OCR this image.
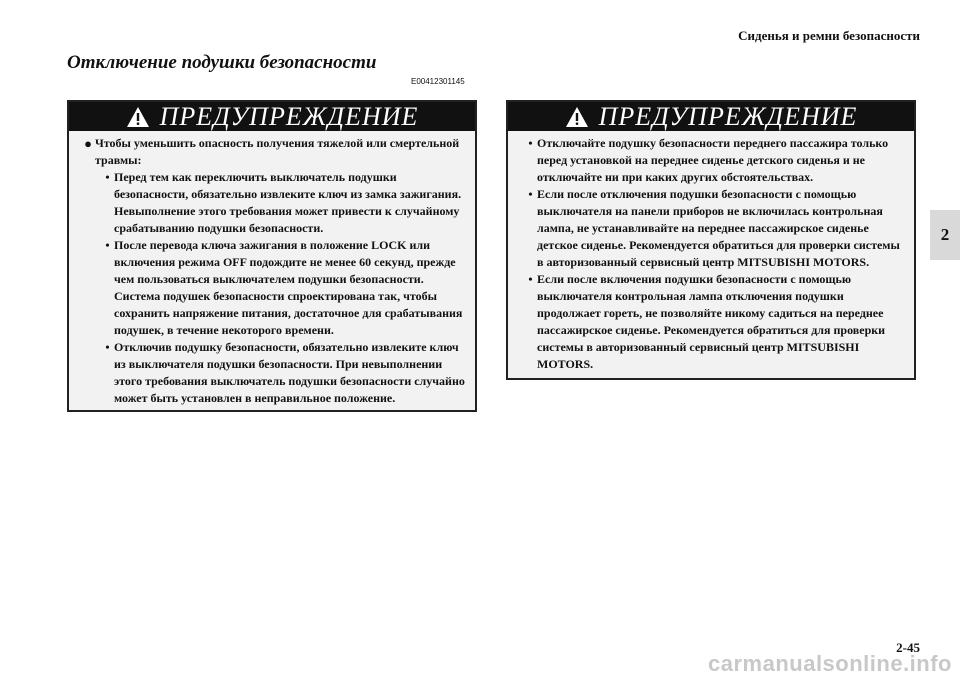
Сиденья и ремни безопасности
2
Отключение подушки безопасности
E00412301145
ПРЕДУПРЕЖДЕНИЕ
● Чтобы уменьшить опасность получения тяжелой или смертельной травмы:
• Перед тем как переключить выключатель подушки безопасности, обязательно извлеките ключ из замка зажигания. Невыполнение этого требования может привести к случайному срабатыванию подушки безопасности.
• После перевода ключа зажигания в положение LOCK или включения режима OFF подождите не менее 60 секунд, прежде чем пользоваться выключателем подушки безопасности.
Система подушек безопасности спроектирована так, чтобы сохранить напряжение питания, достаточное для срабатывания подушек, в течение некоторого времени.
• Отключив подушку безопасности, обязательно извлеките ключ из выключателя подушки безопасности. При невыполнении этого требования выключатель подушки безопасности случайно может быть установлен в неправильное положение.
ПРЕДУПРЕЖДЕНИЕ
• Отключайте подушку безопасности переднего пассажира только перед установкой на переднее сиденье детского сиденья и не отключайте ни при каких других обстоятельствах.
• Если после отключения подушки безопасности с помощью выключателя на панели приборов не включилась контрольная лампа, не устанавливайте на переднее пассажирское сиденье детское сиденье. Рекомендуется обратиться для проверки системы в авторизованный сервисный центр MITSUBISHI MOTORS.
• Если после включения подушки безопасности с помощью выключателя контрольная лампа отключения подушки продолжает гореть, не позволяйте никому садиться на переднее пассажирское сиденье. Рекомендуется обратиться для проверки системы в авторизованный сервисный центр MITSUBISHI MOTORS.
2-45
carmanualsonline.info
